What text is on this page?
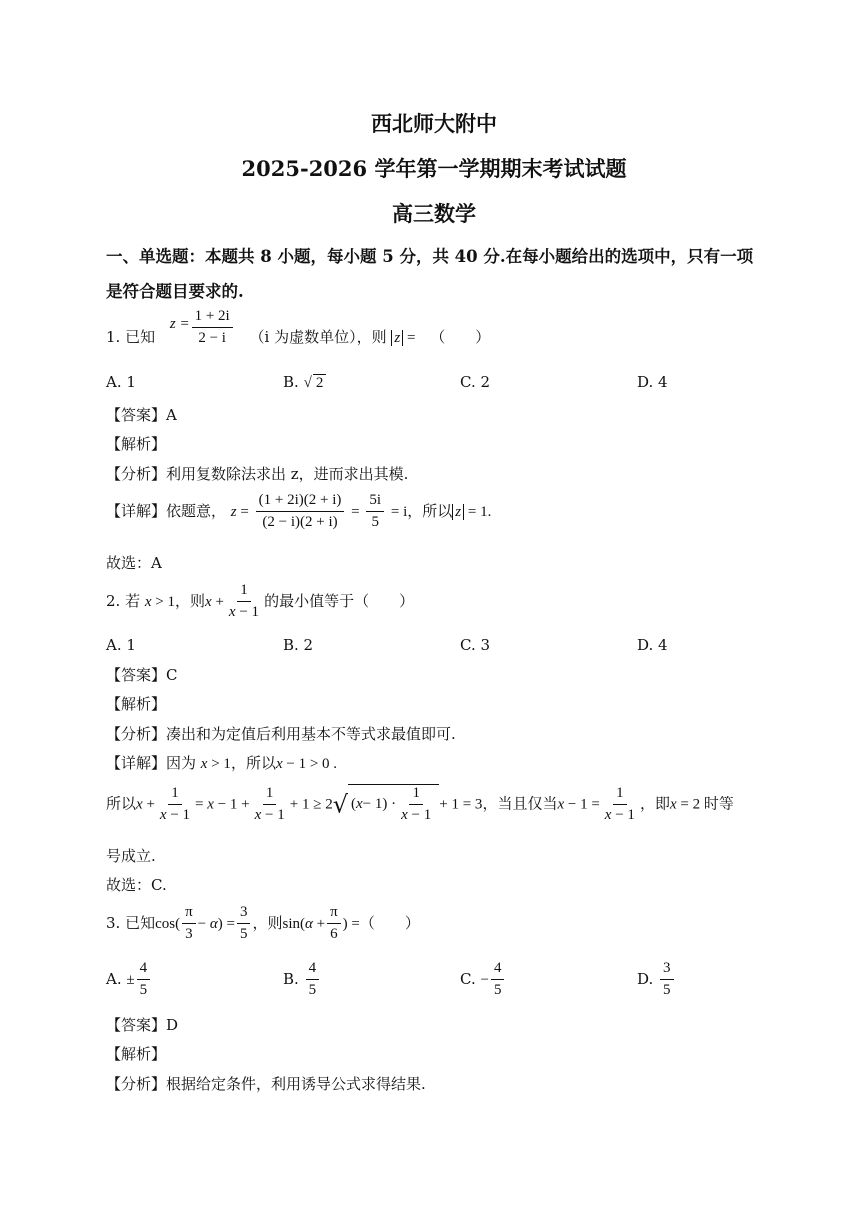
西北师大附中
2025-2026 学年第一学期期末考试试题
高三数学
一、单选题：本题共 8 小题，每小题 5 分，共 40 分.在每小题给出的选项中，只有一项
是符合题目要求的.
1. 已知 $z = \frac{1 + 2i}{2 - i} (i$ 为虚数单位），则 z = （　　）
A. 1	B. √ 2	C. 2	D. 4
【答案】A
【解析】
【分析】利用复数除法求出 z，进而求出其模.
【详解】依题意， $z = \frac{(1 + 2i)(2 + i)}{(2 - i)(2 + i)} = \frac{5i}{5} = i$，所以 z = 1.
故选：A
2. 若 x > 1，则$x + \frac{1}{x - 1}$ 的最小值等于（　　）
A. 1	B. 2	C. 3	D. 4
【答案】C
【解析】
【分析】凑出和为定值后利用基本不等式求最值即可.
【详解】因为 x > 1，所以x − 1 > 0 .
所以$x + \frac{1}{x - 1} = x - 1 + \frac{1}{x - 1} + 1 \ge 2√$ ( $x - 1) \cdot \frac{1}{x - 1} + 1 = 3$，当且仅当$x - 1 = \frac{1}{x - 1}$ ，即x = 2 时等
号成立.
故选：C.
3. 已知$\cos( \frac{\pi}{3} - \alpha) = \frac{3}{5}$ ，则$\sin(\alpha + \frac{\pi}{6}$ ) =（　　）
A. ± $\frac{4}{5}$	B. $\frac{4}{5}$	C. − $\frac{4}{5}$	D. $\frac{3}{5}$
【答案】D
【解析】
【分析】根据给定条件，利用诱导公式求得结果.
